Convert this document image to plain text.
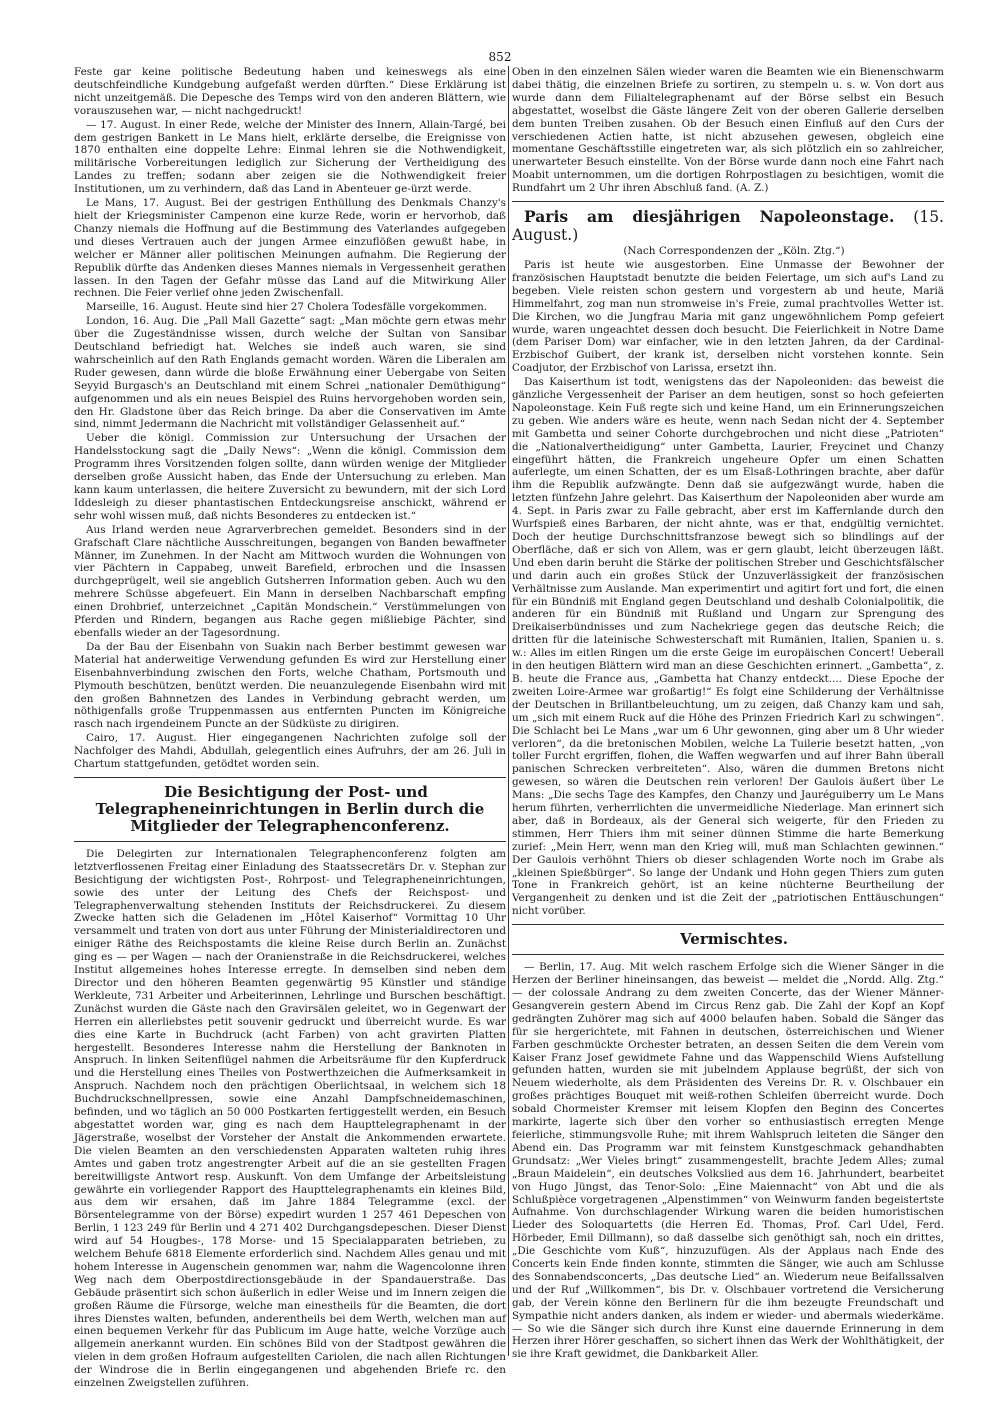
852

Feste gar keine politische Bedeutung haben und keineswegs als eine deutschfeindliche Kundgebung aufgefaßt werden dürften.“ Diese Erklärung ist nicht unzeitgemäß. Die Depesche des Temps wird von den anderen Blättern, wie vorauszusehen war, — nicht nachgedruckt!

— 17. August. In einer Rede, welche der Minister des Innern, Allain-Targé, bei dem gestrigen Bankett in Le Mans hielt, erklärte derselbe, die Ereignisse von 1870 enthalten eine doppelte Lehre: Einmal lehren sie die Nothwendigkeit, militärische Vorbereitungen lediglich zur Sicherung der Vertheidigung des Landes zu treffen; sodann aber zeigen sie die Nothwendigkeit freier Institutionen, um zu verhindern, daß das Land in Abenteuer ge-ürzt werde.

Le Mans, 17. August. Bei der gestrigen Enthüllung des Denkmals Chanzy's hielt der Kriegsminister Campenon eine kurze Rede, worin er hervorhob, daß Chanzy niemals die Hoffnung auf die Bestimmung des Vaterlandes aufgegeben und dieses Vertrauen auch der jungen Armee einzuflößen gewußt habe, in welcher er Männer aller politischen Meinungen aufnahm. Die Regierung der Republik dürfte das Andenken dieses Mannes niemals in Vergessenheit gerathen lassen. In den Tagen der Gefahr müsse das Land auf die Mitwirkung Aller rechnen. Die Feier verlief ohne jeden Zwischenfall.

Marseille, 16. August. Heute sind hier 27 Cholera Todesfälle vorgekommen.

London, 16. Aug. Die „Pall Mall Gazette“ sagt: „Man möchte gern etwas mehr über die Zugeständnisse wissen, durch welche der Sultan von Sansibar Deutschland befriedigt hat. Welches sie indeß auch waren, sie sind wahrscheinlich auf den Rath Englands gemacht worden. Wären die Liberalen am Ruder gewesen, dann würde die bloße Erwähnung einer Uebergabe von Seiten Seyyid Burgasch's an Deutschland mit einem Schrei „nationaler Demüthigung“ aufgenommen und als ein neues Beispiel des Ruins hervorgehoben worden sein, den Hr. Gladstone über das Reich bringe. Da aber die Conservativen im Amte sind, nimmt Jedermann die Nachricht mit vollständiger Gelassenheit auf.“

Ueber die königl. Commission zur Untersuchung der Ursachen der Handelsstockung sagt die „Daily News“: „Wenn die königl. Commission dem Programm ihres Vorsitzenden folgen sollte, dann würden wenige der Mitglieder derselben große Aussicht haben, das Ende der Untersuchung zu erleben. Man kann kaum unterlassen, die heitere Zuversicht zu bewundern, mit der sich Lord Iddesleigh zu dieser phantastischen Entdeckungsreise anschickt, während er sehr wohl wissen muß, daß nichts Besonderes zu entdecken ist.“

Aus Irland werden neue Agrarverbrechen gemeldet. Besonders sind in der Grafschaft Clare nächtliche Ausschreitungen, begangen von Banden bewaffneter Männer, im Zunehmen. In der Nacht am Mittwoch wurden die Wohnungen von vier Pächtern in Cappabeg, unweit Barefield, erbrochen und die Insassen durchgeprügelt, weil sie angeblich Gutsherren Information geben. Auch wu den mehrere Schüsse abgefeuert. Ein Mann in derselben Nachbarschaft empfing einen Drohbrief, unterzeichnet „Capitän Mondschein.“ Verstümmelungen von Pferden und Rindern, begangen aus Rache gegen mißliebige Pächter, sind ebenfalls wieder an der Tagesordnung.

Da der Bau der Eisenbahn von Suakin nach Berber bestimmt gewesen war Material hat anderweitige Verwendung gefunden Es wird zur Herstellung einer Eisenbahnverbindung zwischen den Forts, welche Chatham, Portsmouth und Plymouth beschützen, benützt werden. Die neuanzulegende Eisenbahn wird mit den großen Bahnnetzen des Landes in Verbindung gebracht werden, um nöthigenfalls große Truppenmassen aus entfernten Puncten im Königreiche rasch nach irgendeinem Puncte an der Südküste zu dirigiren.

Cairo, 17. August. Hier eingegangenen Nachrichten zufolge soll der Nachfolger des Mahdi, Abdullah, gelegentlich eines Aufruhrs, der am 26. Juli in Chartum stattgefunden, getödtet worden sein.

Die Besichtigung der Post- und Telegrapheneinrichtungen in Berlin durch die Mitglieder der Telegraphenconferenz.

Die Delegirten zur Internationalen Telegraphenconferenz folgten am letztverflossenen Freitag einer Einladung des Staatssecretärs Dr. v. Stephan zur Besichtigung der wichtigsten Post-, Rohrpost- und Telegrapheneinrichtungen, sowie des unter der Leitung des Chefs der Reichspost- und Telegraphenverwaltung stehenden Instituts der Reichsdruckerei. Zu diesem Zwecke hatten sich die Geladenen im „Hôtel Kaiserhof“ Vormittag 10 Uhr versammelt und traten von dort aus unter Führung der Ministerialdirectoren und einiger Räthe des Reichspostamts die kleine Reise durch Berlin an. Zunächst ging es — per Wagen — nach der Oranienstraße in die Reichsdruckerei, welches Institut allgemeines hohes Interesse erregte. In demselben sind neben dem Director und den höheren Beamten gegenwärtig 95 Künstler und ständige Werkleute, 731 Arbeiter und Arbeiterinnen, Lehrlinge und Burschen beschäftigt. Zunächst wurden die Gäste nach den Gravirsälen geleitet, wo in Gegenwart der Herren ein allerliebstes petit souvenir gedruckt und überreicht wurde. Es war dies eine Karte in Buchdruck (acht Farben) von acht gravirten Platten hergestellt. Besonderes Interesse nahm die Herstellung der Banknoten in Anspruch. In linken Seitenflügel nahmen die Arbeitsräume für den Kupferdruck und die Herstellung eines Theiles von Postwerthzeichen die Aufmerksamkeit in Anspruch. Nachdem noch den prächtigen Oberlichtsaal, in welchem sich 18 Buchdruckschnellpressen, sowie eine Anzahl Dampfschneidemaschinen, befinden, und wo täglich an 50 000 Postkarten fertiggestellt werden, ein Besuch abgestattet worden war, ging es nach dem Haupttelegraphenamt in der Jägerstraße, woselbst der Vorsteher der Anstalt die Ankommenden erwartete. Die vielen Beamten an den verschiedensten Apparaten walteten ruhig ihres Amtes und gaben trotz angestrengter Arbeit auf die an sie gestellten Fragen bereitwilligste Antwort resp. Auskunft. Von dem Umfange der Arbeitsleistung gewährte ein vorliegender Rapport des Haupttelegraphenamts ein kleines Bild, aus dem wir ersahen, daß im Jahre 1884 Telegramme (excl. der Börsentelegramme von der Börse) expedirt wurden 1 257 461 Depeschen von Berlin, 1 123 249 für Berlin und 4 271 402 Durchgangsdepeschen. Dieser Dienst wird auf 54 Hougbes-, 178 Morse- und 15 Specialapparaten betrieben, zu welchem Behufe 6818 Elemente erforderlich sind. Nachdem Alles genau und mit hohem Interesse in Augenschein genommen war, nahm die Wagencolonne ihren Weg nach dem Oberpostdirectionsgebäude in der Spandauerstraße. Das Gebäude präsentirt sich schon äußerlich in edler Weise und im Innern zeigen die großen Räume die Fürsorge, welche man einestheils für die Beamten, die dort ihres Dienstes walten, befunden, anderentheils bei dem Werth, welchen man auf einen bequemen Verkehr für das Publicum im Auge hatte, welche Vorzüge auch allgemein anerkannt wurden. Ein schönes Bild von der Stadtpost gewähren die vielen in dem großen Hofraum aufgestellten Cariolen, die nach allen Richtungen der Windrose die in Berlin eingegangenen und abgehenden Briefe rc. den einzelnen Zweigstellen zuführen.

Oben in den einzelnen Sälen wieder waren die Beamten wie ein Bienenschwarm dabei thätig, die einzelnen Briefe zu sortiren, zu stempeln u. s. w. Von dort aus wurde dann dem Filialtelegraphenamt auf der Börse selbst ein Besuch abgestattet, woselbst die Gäste längere Zeit von der oberen Gallerie derselben dem bunten Treiben zusahen. Ob der Besuch einen Einfluß auf den Curs der verschiedenen Actien hatte, ist nicht abzusehen gewesen, obgleich eine momentane Geschäftsstille eingetreten war, als sich plötzlich ein so zahlreicher, unerwarteter Besuch einstellte. Von der Börse wurde dann noch eine Fahrt nach Moabit unternommen, um die dortigen Rohrpostlagen zu besichtigen, womit die Rundfahrt um 2 Uhr ihren Abschluß fand. (A. Z.)

Paris am diesjährigen Napoleonstage. (15. August.)

(Nach Correspondenzen der „Köln. Ztg.“)

Paris ist heute wie ausgestorben. Eine Unmasse der Bewohner der französischen Hauptstadt benutzte die beiden Feiertage, um sich auf's Land zu begeben. Viele reisten schon gestern und vorgestern ab und heute, Mariä Himmelfahrt, zog man nun stromweise in's Freie, zumal prachtvolles Wetter ist. Die Kirchen, wo die Jungfrau Maria mit ganz ungewöhnlichem Pomp gefeiert wurde, waren ungeachtet dessen doch besucht. Die Feierlichkeit in Notre Dame (dem Pariser Dom) war einfacher, wie in den letzten Jahren, da der Cardinal-Erzbischof Guibert, der krank ist, derselben nicht vorstehen konnte. Sein Coadjutor, der Erzbischof von Larissa, ersetzt ihn.

Das Kaiserthum ist todt, wenigstens das der Napoleoniden: das beweist die gänzliche Vergessenheit der Pariser an dem heutigen, sonst so hoch gefeierten Napoleonstage. Kein Fuß regte sich und keine Hand, um ein Erinnerungszeichen zu geben. Wie anders wäre es heute, wenn nach Sedan nicht der 4. September mit Gambetta und seiner Cohorte durchgebrochen und nicht diese „Patrioten“ die „Nationalvertheidigung“ unter Gambetta, Laurier, Freycinet und Chanzy eingeführt hätten, die Frankreich ungeheure Opfer um einen Schatten auferlegte, um einen Schatten, der es um Elsaß-Lothringen brachte, aber dafür ihm die Republik aufzwängte. Denn daß sie aufgezwängt wurde, haben die letzten fünfzehn Jahre gelehrt. Das Kaiserthum der Napoleoniden aber wurde am 4. Sept. in Paris zwar zu Falle gebracht, aber erst im Kaffernlande durch den Wurfspieß eines Barbaren, der nicht ahnte, was er that, endgültig vernichtet. Doch der heutige Durchschnittsfranzose bewegt sich so blindlings auf der Oberfläche, daß er sich von Allem, was er gern glaubt, leicht überzeugen läßt. Und eben darin beruht die Stärke der politischen Streber und Geschichtsfälscher und darin auch ein großes Stück der Unzuverlässigkeit der französischen Verhältnisse zum Auslande. Man experimentirt und agitirt fort und fort, die einen für ein Bündniß mit England gegen Deutschland und deshalb Colonialpolitik, die anderen für ein Bündniß mit Rußland und Ungarn zur Sprengung des Dreikaiserbündnisses und zum Nachekriege gegen das deutsche Reich; die dritten für die lateinische Schwesterschaft mit Rumänien, Italien, Spanien u. s. w.: Alles im eitlen Ringen um die erste Geige im europäischen Concert! Ueberall in den heutigen Blättern wird man an diese Geschichten erinnert. „Gambetta“, z. B. heute die France aus, „Gambetta hat Chanzy entdeckt.... Diese Epoche der zweiten Loire-Armee war großartig!“ Es folgt eine Schilderung der Verhältnisse der Deutschen in Brillantbeleuchtung, um zu zeigen, daß Chanzy kam und sah, um „sich mit einem Ruck auf die Höhe des Prinzen Friedrich Karl zu schwingen“. Die Schlacht bei Le Mans „war um 6 Uhr gewonnen, ging aber um 8 Uhr wieder verloren“, da die bretonischen Mobilen, welche La Tuilerie besetzt hatten, „von toller Furcht ergriffen, flohen, die Waffen wegwarfen und auf ihrer Bahn überall panischen Schrecken verbreiteten“. Also, wären die dummen Bretons nicht gewesen, so wären die Deutschen rein verloren! Der Gaulois äußert über Le Mans: „Die sechs Tage des Kampfes, den Chanzy und Jauréguiberry um Le Mans herum führten, verherrlichten die unvermeidliche Niederlage. Man erinnert sich aber, daß in Bordeaux, als der General sich weigerte, für den Frieden zu stimmen, Herr Thiers ihm mit seiner dünnen Stimme die harte Bemerkung zurief: „Mein Herr, wenn man den Krieg will, muß man Schlachten gewinnen.“ Der Gaulois verhöhnt Thiers ob dieser schlagenden Worte noch im Grabe als „kleinen Spießbürger“. So lange der Undank und Hohn gegen Thiers zum guten Tone in Frankreich gehört, ist an keine nüchterne Beurtheilung der Vergangenheit zu denken und ist die Zeit der „patriotischen Enttäuschungen“ nicht vorüber.

Vermischtes.

— Berlin, 17. Aug. Mit welch raschem Erfolge sich die Wiener Sänger in die Herzen der Berliner hineinsangen, das beweist — meldet die „Nordd. Allg. Ztg.“ — der colossale Andrang zu dem zweiten Concerte, das der Wiener Männer-Gesangverein gestern Abend im Circus Renz gab. Die Zahl der Kopf an Kopf gedrängten Zuhörer mag sich auf 4000 belaufen haben. Sobald die Sänger das für sie hergerichtete, mit Fahnen in deutschen, österreichischen und Wiener Farben geschmückte Orchester betraten, an dessen Seiten die dem Verein vom Kaiser Franz Josef gewidmete Fahne und das Wappenschild Wiens Aufstellung gefunden hatten, wurden sie mit jubelndem Applause begrüßt, der sich von Neuem wiederholte, als dem Präsidenten des Vereins Dr. R. v. Olschbauer ein großes prächtiges Bouquet mit weiß-rothen Schleifen überreicht wurde. Doch sobald Chormeister Kremser mit leisem Klopfen den Beginn des Concertes markirte, lagerte sich über den vorher so enthusiastisch erregten Menge feierliche, stimmungsvolle Ruhe; mit ihrem Wahlspruch leiteten die Sänger den Abend ein. Das Programm war mit feinstem Kunstgeschmack gehandhabten Grundsatz: „Wer Vieles bringt“ zusammengestellt, brachte Jedem Alles; zumal „Braun Maidelein“, ein deutsches Volkslied aus dem 16. Jahrhundert, bearbeitet von Hugo Jüngst, das Tenor-Solo: „Eine Maiennacht“ von Abt und die als Schlußpièce vorgetragenen „Alpenstimmen“ von Weinwurm fanden begeistertste Aufnahme. Von durchschlagender Wirkung waren die beiden humoristischen Lieder des Soloquartetts (die Herren Ed. Thomas, Prof. Carl Udel, Ferd. Hörbeder, Emil Dillmann), so daß dasselbe sich genöthigt sah, noch ein drittes, „Die Geschichte vom Kuß“, hinzuzufügen. Als der Applaus nach Ende des Concerts kein Ende finden konnte, stimmten die Sänger, wie auch am Schlusse des Sonnabendsconcerts, „Das deutsche Lied“ an. Wiederum neue Beifallssalven und der Ruf „Willkommen“, bis Dr. v. Olschbauer vortretend die Versicherung gab, der Verein könne den Berlinern für die ihm bezeugte Freundschaft und Sympathie nicht anders danken, als indem er wieder- und abermals wiederkäme. — So wie die Sänger sich durch ihre Kunst eine dauernde Erinnerung in dem Herzen ihrer Hörer geschaffen, so sichert ihnen das Werk der Wohlthätigkeit, der sie ihre Kraft gewidmet, die Dankbarkeit Aller.
